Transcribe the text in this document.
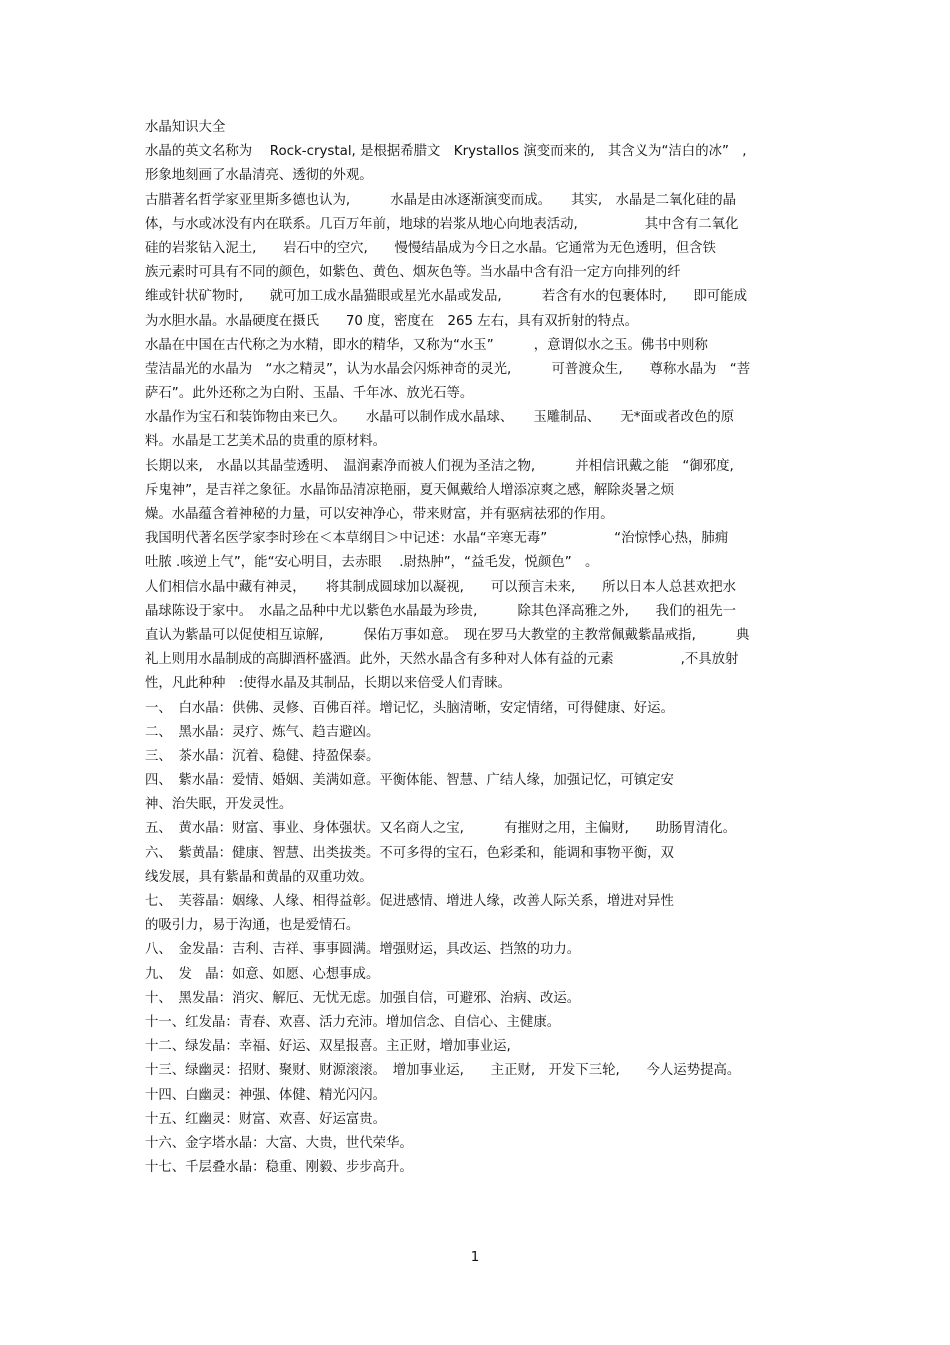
水晶知识大全
水晶的英文名称为　 Rock-crystal, 是根据希腊文　Krystallos 演变而来的,　其含义为“洁白的冰”　,
形象地刻画了水晶清亮、透彻的外观。
古腊著名哲学家亚里斯多德也认为,　　　水晶是由冰逐渐演变而成。　　其实,　水晶是二氧化硅的晶
体，与水或冰没有内在联系。几百万年前，地球的岩浆从地心向地表活动,　　　　　其中含有二氧化
硅的岩浆钻入泥土,　　岩石中的空穴,　　慢慢结晶成为今日之水晶。它通常为无色透明，但含铁
族元素时可具有不同的颜色，如紫色、黄色、烟灰色等。当水晶中含有沿一定方向排列的纤
维或针状矿物时,　　就可加工成水晶猫眼或星光水晶或发品,　　　若含有水的包裹体时,　　即可能成
为水胆水晶。水晶硬度在摄氏　　70 度，密度在　265 左右，具有双折射的特点。
水晶在中国在古代称之为水精，即水的精华，又称为“水玉”　　　，意谓似水之玉。佛书中则称
莹洁晶光的水晶为　“水之精灵”，认为水晶会闪烁神奇的灵光,　　　可普渡众生,　　尊称水晶为　“菩
萨石”。此外还称之为白附、玉晶、千年冰、放光石等。
水晶作为宝石和装饰物由来已久。　　水晶可以制作成水晶球、　　玉雕制品、　　无*面或者改色的原
料。水晶是工艺美术品的贵重的原材料。
长期以来,　水晶以其晶莹透明、　温润素净而被人们视为圣洁之物,　　　并相信讯戴之能　“御邪度,
斥鬼神”，是吉祥之象征。水晶饰品清凉艳丽，夏天佩戴给人增添凉爽之感，解除炎暑之烦
燥。水晶蕴含着神秘的力量，可以安神净心，带来财富，并有驱病祛邪的作用。
我国明代著名医学家李时珍在＜本草纲目＞中记述：水晶“辛寒无毒”　　　　　“治惊悸心热，肺痈
吐脓 .咳逆上气”，能“安心明目，去赤眼　 .尉热肿”，“益毛发，悦颜色”　。
人们相信水晶中藏有神灵，　　将其制成圆球加以凝视,　　可以预言未来,　　所以日本人总甚欢把水
晶球陈设于家中。　水晶之品种中尤以紫色水晶最为珍贵,　　　除其色泽高雅之外,　　我们的祖先一
直认为紫晶可以促使相互谅解,　　　保佑万事如意。　现在罗马大教堂的主教常佩戴紫晶戒指,　　　典
礼上则用水晶制成的高脚酒杯盛酒。此外，天然水晶含有多种对人体有益的元素　　　　　,不具放射
性，凡此种种　:使得水晶及其制品，长期以来倍受人们青睐。
一、　白水晶：供佛、灵修、百佛百祥。增记忆，头脑清晰，安定情绪，可得健康、好运。
二、　黑水晶：灵疗、炼气、趋吉避凶。
三、　茶水晶：沉着、稳健、持盈保泰。
四、　紫水晶：爱情、婚姻、美满如意。平衡体能、智慧、广结人缘，加强记忆，可镇定安
神、治失眠，开发灵性。
五、　黄水晶：财富、事业、身体强状。又名商人之宝,　　　有摧财之用，主偏财,　　助肠胃清化。
六、　紫黄晶：健康、智慧、出类拔类。不可多得的宝石，色彩柔和，能调和事物平衡，双
线发展，具有紫晶和黄晶的双重功效。
七、　芙蓉晶：姻缘、人缘、相得益彰。促进感情、增进人缘，改善人际关系，增进对异性
的吸引力，易于沟通，也是爱情石。
八、　金发晶：吉利、吉祥、事事圆满。增强财运，具改运、挡煞的功力。
九、　发　晶：如意、如愿、心想事成。
十、　黑发晶：消灾、解厄、无忧无虑。加强自信，可避邪、治病、改运。
十一、红发晶：青春、欢喜、活力充沛。增加信念、自信心、主健康。
十二、绿发晶：幸福、好运、双星报喜。主正财，增加事业运,
十三、绿幽灵：招财、聚财、财源滚滚。　增加事业运,　　主正财,　开发下三轮,　　今人运势提高。
十四、白幽灵：神强、体健、精光闪闪。
十五、红幽灵：财富、欢喜、好运富贵。
十六、金字塔水晶：大富、大贵，世代荣华。
十七、千层叠水晶：稳重、刚毅、步步高升。
1
